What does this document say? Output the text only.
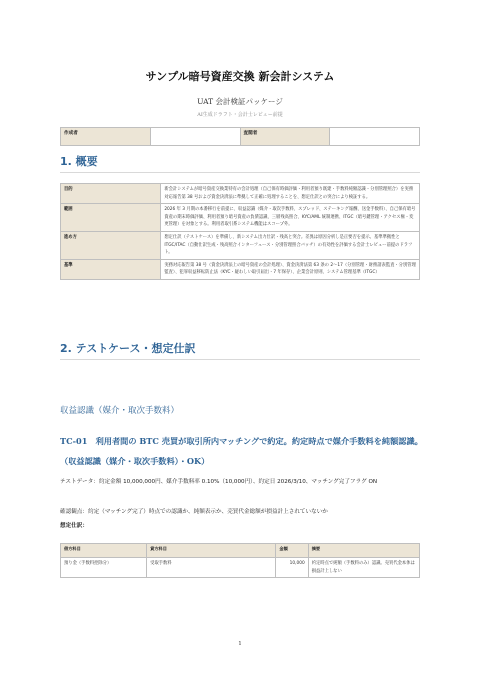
サンプル暗号資産交換 新会計システム
UAT 会計検証パッケージ
AI生成ドラフト・会計士レビュー前提
作成者		査閲者	
1. 概要
目的	新会計システムが暗号資産交換業特有の会計処理（自己保有時価評価・利用者預り既建・手数料純額認識・分別管理照合）を実務対応報告第 38 号および資金決済法に準拠して正確に処理することを、想定仕訳との突合により検証する。
範囲	2026 年 3 月期の本番移行を前提に、収益認識（媒介・取次手数料、スプレッド、ステーキング報酬、送金手数料）、自己保有暗号資産の期末時価評価、利用者預り暗号資産の負債認識、三層残高照合、KYC/AML 統制連携、ITGC（暗号鍵管理・アクセス権・変更管理）を対象とする。利用者取引系システム機能はスコープ外。
進め方	想定仕訳（テストケース）を準備し、新システム出力仕訳・残高と突合。差異は原因分析し是正要否を提示。基準準拠性と ITGC/ITAC（自動仕訳生成・残高照合インターフェース・分別管理照合バッチ）の有効性を評価する会計士レビュー前提のドラフト。
基準	実務対応報告第 38 号（資金決済法上の暗号資産の会計処理）、資金決済法第 63 条の 2〜17（分別管理・財務諸表監査・分別管理監査）、犯罪収益移転防止法（KYC・疑わしい取引届出・7 年保存）、企業会計原則、システム管理基準（ITGC）
2. テストケース・想定仕訳
収益認識（媒介・取次手数料）
TC-01　利用者間の BTC 売買が取引所内マッチングで約定。約定時点で媒介手数料を純額認識。（収益認識（媒介・取次手数料）・OK）
テストデータ：約定金額 10,000,000円、媒介手数料率 0.10%（10,000円）、約定日 2026/3/10、マッチング完了フラグ ON
確認観点：約定（マッチング完了）時点での認識か、純額表示か、売買代金総額が損益計上されていないか
想定仕訳：
借方科目	貸方科目	金額	摘要
預り金（手数料控除分）	受取手数料	10,000	約定時点で純額（手数料のみ）認識。売買代金本体は損益計上しない
1
